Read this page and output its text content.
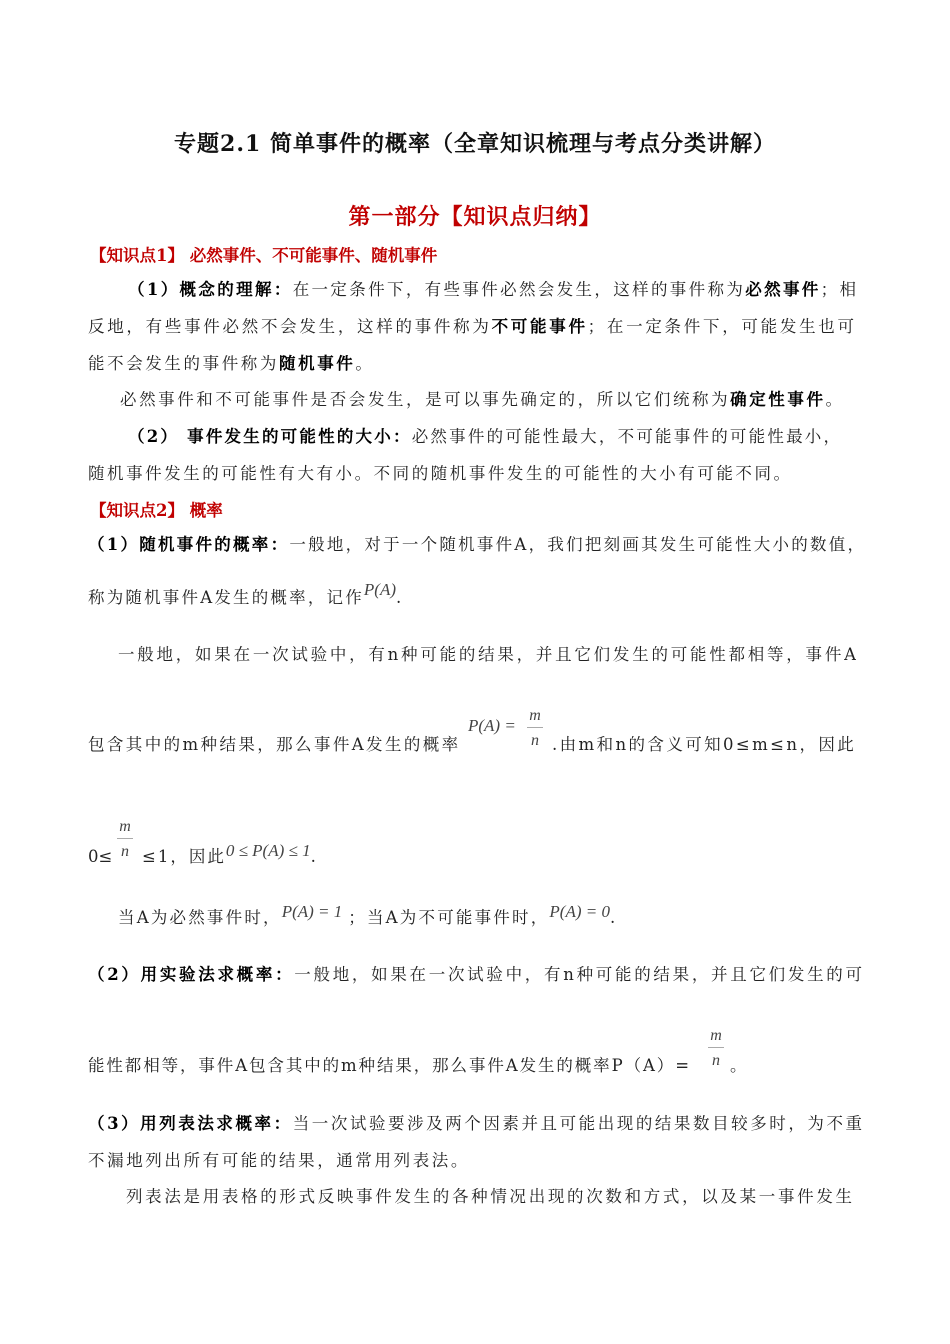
专题2.1 简单事件的概率（全章知识梳理与考点分类讲解）
第一部分【知识点归纳】
【知识点1】 必然事件、不可能事件、随机事件
（1）概念的理解：在一定条件下，有些事件必然会发生，这样的事件称为必然事件；相
反地，有些事件必然不会发生，这样的事件称为不可能事件；在一定条件下，可能发生也可
能不会发生的事件称为随机事件。
必然事件和不可能事件是否会发生，是可以事先确定的，所以它们统称为确定性事件。
（2） 事件发生的可能性的大小：必然事件的可能性最大，不可能事件的可能性最小，
随机事件发生的可能性有大有小。不同的随机事件发生的可能性的大小有可能不同。
【知识点2】 概率
（1）随机事件的概率：一般地，对于一个随机事件A，我们把刻画其发生可能性大小的数值，
称为随机事件A发生的概率，记作P(A).
一般地，如果在一次试验中，有n种可能的结果，并且它们发生的可能性都相等，事件A
包含其中的m种结果，那么事件A发生的概率
P(A) =
m
n .由m和n的含义可知0≤m≤n，因此
0≤
m
n ≤1，因此0 ≤ P(A) ≤ 1.
当A为必然事件时，P(A) = 1 ；当A为不可能事件时，P(A) = 0.
（2）用实验法求概率：一般地，如果在一次试验中，有n种可能的结果，并且它们发生的可
能性都相等，事件A包含其中的m种结果，那么事件A发生的概率P（A）=
m
n 。
（3）用列表法求概率：当一次试验要涉及两个因素并且可能出现的结果数目较多时，为不重
不漏地列出所有可能的结果，通常用列表法。
列表法是用表格的形式反映事件发生的各种情况出现的次数和方式，以及某一事件发生
